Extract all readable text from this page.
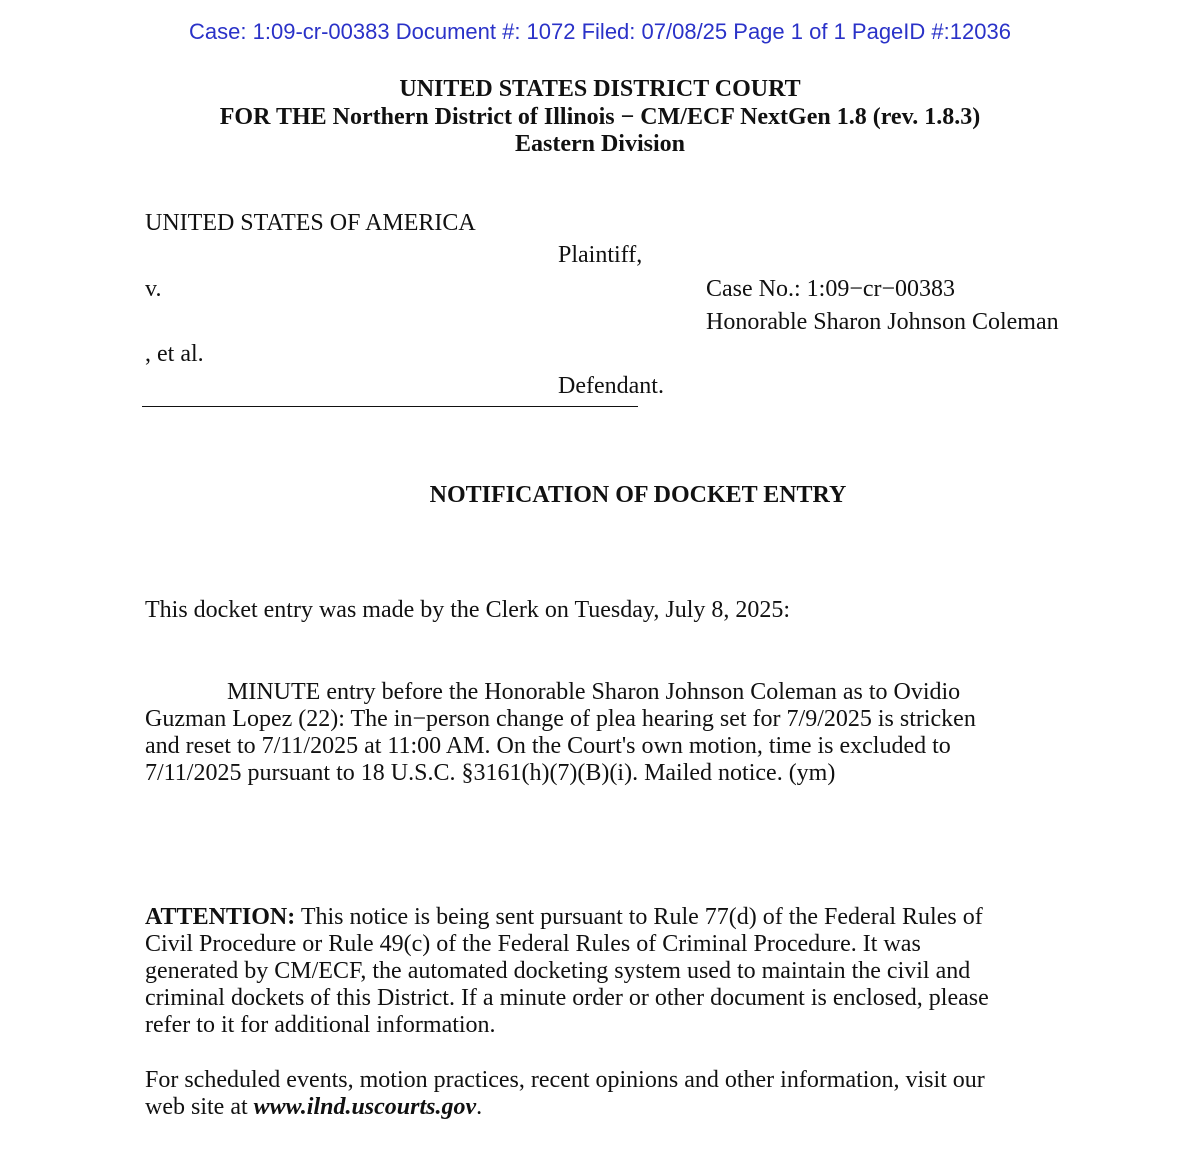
Case: 1:09-cr-00383 Document #: 1072 Filed: 07/08/25 Page 1 of 1 PageID #:12036
UNITED STATES DISTRICT COURT
FOR THE Northern District of Illinois − CM/ECF NextGen 1.8 (rev. 1.8.3)
Eastern Division
UNITED STATES OF AMERICA
Plaintiff,
v.	Case No.: 1:09−cr−00383
Honorable Sharon Johnson Coleman
, et al.
Defendant.
NOTIFICATION OF DOCKET ENTRY
This docket entry was made by the Clerk on Tuesday, July 8, 2025:
MINUTE entry before the Honorable Sharon Johnson Coleman as to Ovidio
Guzman Lopez (22): The in−person change of plea hearing set for 7/9/2025 is stricken
and reset to 7/11/2025 at 11:00 AM. On the Court's own motion, time is excluded to
7/11/2025 pursuant to 18 U.S.C. §3161(h)(7)(B)(i). Mailed notice. (ym)
ATTENTION: This notice is being sent pursuant to Rule 77(d) of the Federal Rules of
Civil Procedure or Rule 49(c) of the Federal Rules of Criminal Procedure. It was
generated by CM/ECF, the automated docketing system used to maintain the civil and
criminal dockets of this District. If a minute order or other document is enclosed, please
refer to it for additional information.
For scheduled events, motion practices, recent opinions and other information, visit our
web site at www.ilnd.uscourts.gov.
